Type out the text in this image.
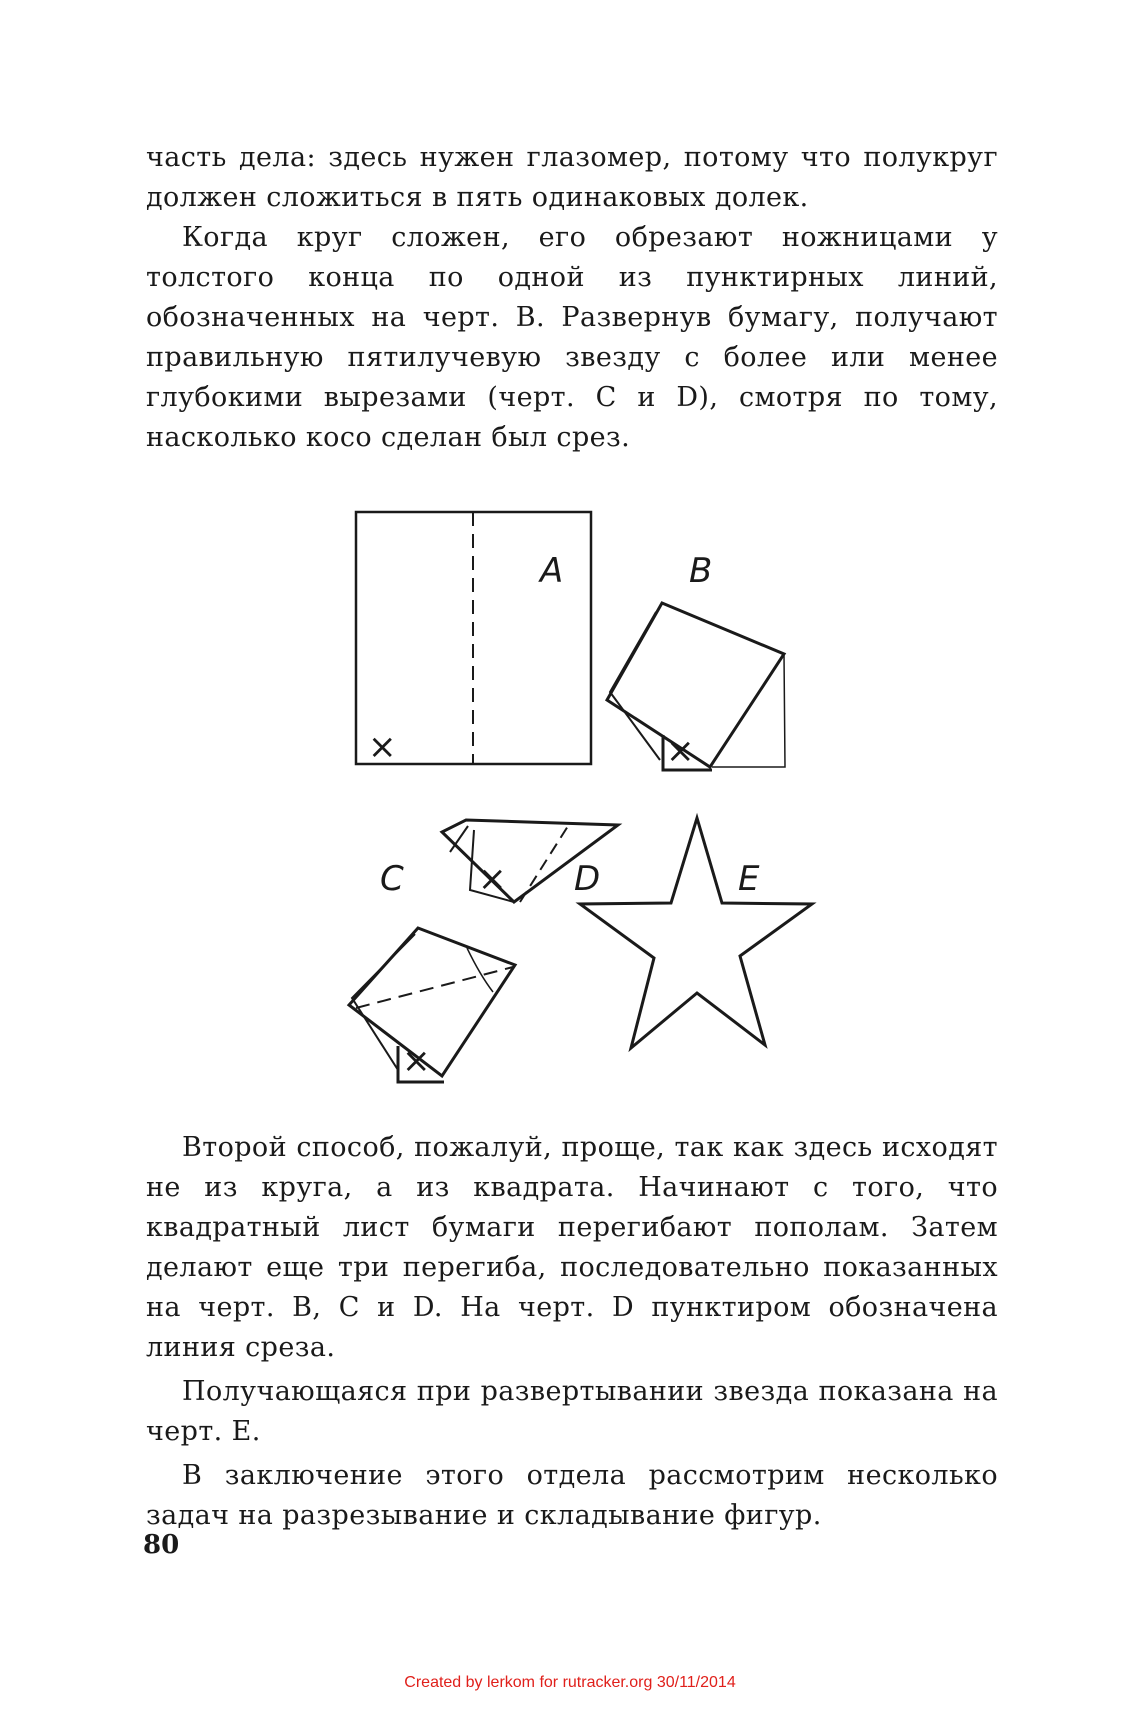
часть дела: здесь нужен глазомер, потому что полукруг должен сложиться в пять одинаковых долек.

Когда круг сложен, его обрезают ножницами у толстого конца по одной из пунктирных линий, обозначенных на черт. B. Развернув бумагу, получают правильную пятилучевую звезду с более или менее глубокими вырезами (черт. C и D), смотря по тому, насколько косо сделан был срез.

×
A	B
×
C	D
×
×
E

Второй способ, пожалуй, проще, так как здесь исходят не из круга, а из квадрата. Начинают с того, что квадратный лист бумаги перегибают пополам. Затем делают еще три перегиба, последовательно показанных на черт. B, C и D. На черт. D пунктиром обозначена линия среза.

Получающаяся при развертывании звезда показана на черт. E.

В заключение этого отдела рассмотрим несколько задач на разрезывание и складывание фигур.

80
Created by lerkom for rutracker.org 30/11/2014
